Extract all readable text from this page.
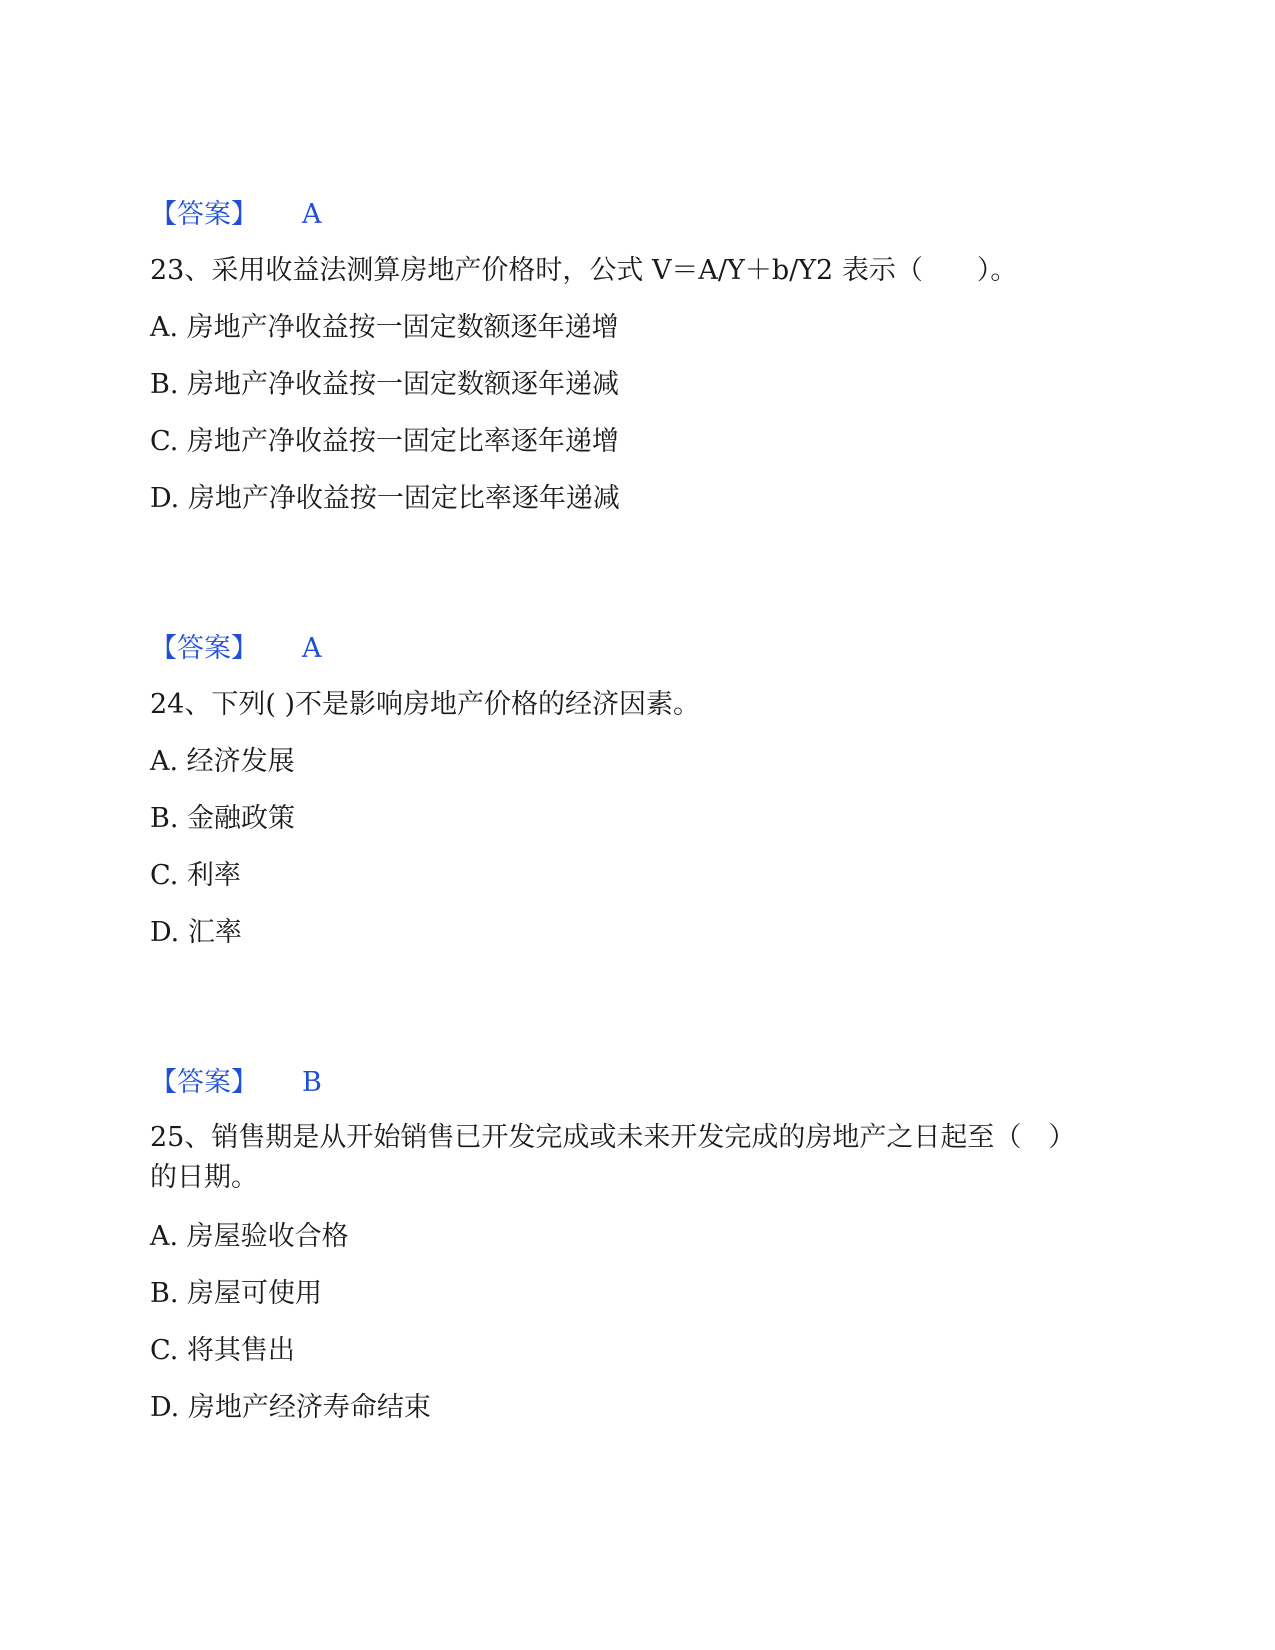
【答案】 A
23、采用收益法测算房地产价格时，公式 V＝A/Y＋b/Y2 表示（　　）。
A. 房地产净收益按一固定数额逐年递增
B. 房地产净收益按一固定数额逐年递减
C. 房地产净收益按一固定比率逐年递增
D. 房地产净收益按一固定比率逐年递减
【答案】 A
24、下列( )不是影响房地产价格的经济因素。
A. 经济发展
B. 金融政策
C. 利率
D. 汇率
【答案】 B
25、销售期是从开始销售已开发完成或未来开发完成的房地产之日起至（　）的日期。
A. 房屋验收合格
B. 房屋可使用
C. 将其售出
D. 房地产经济寿命结束
